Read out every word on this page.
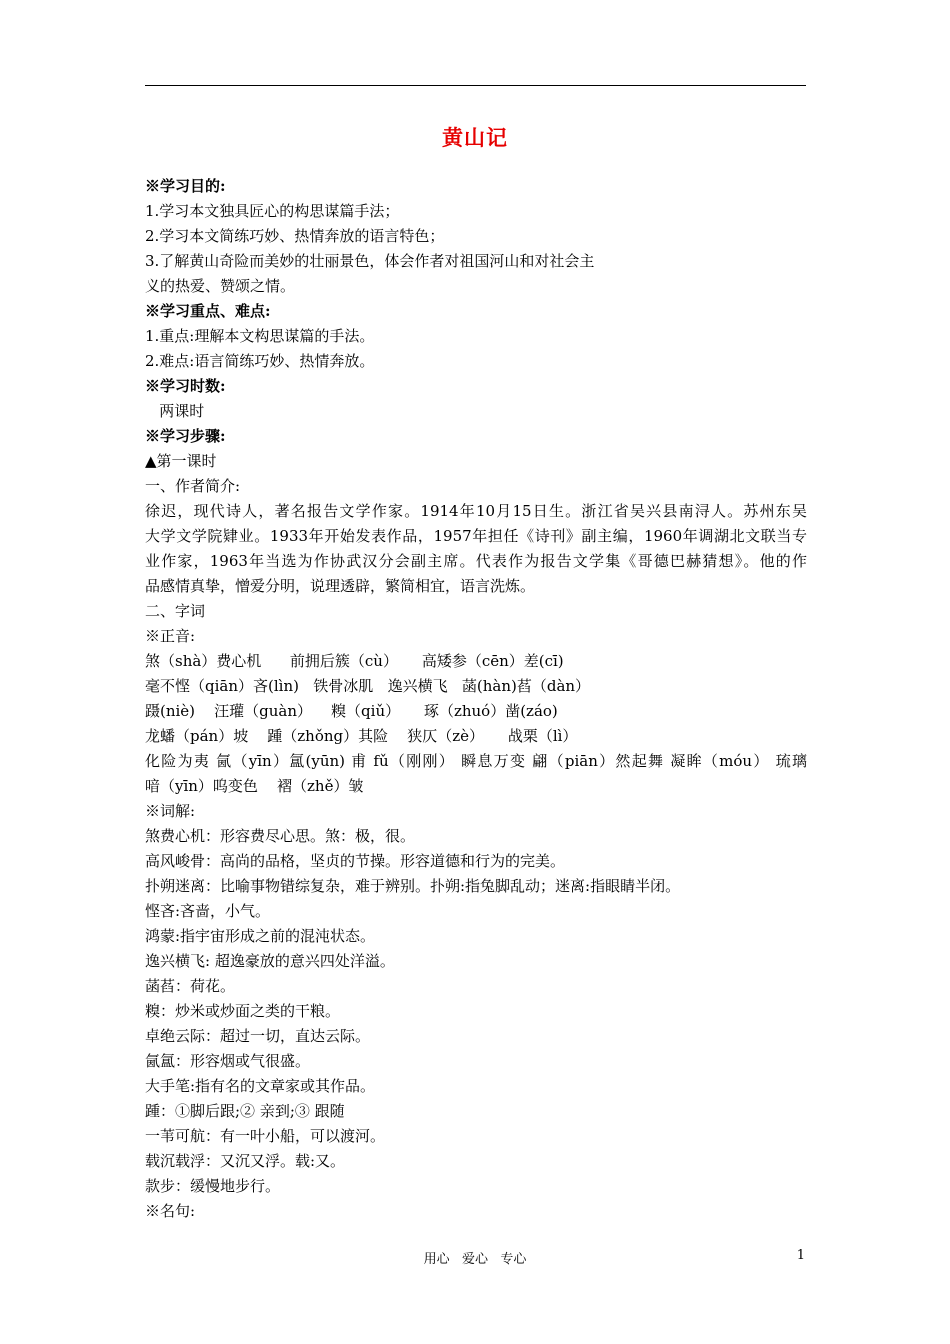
黄山记
※学习目的:
1.学习本文独具匠心的构思谋篇手法；
2.学习本文简练巧妙、热情奔放的语言特色；
3.了解黄山奇险而美妙的壮丽景色，体会作者对祖国河山和对社会主
义的热爱、赞颂之情。
※学习重点、难点:
1.重点:理解本文构思谋篇的手法。
2.难点:语言简练巧妙、热情奔放。
※学习时数:
两课时
※学习步骤:
▲第一课时
一、作者简介:
徐迟，现代诗人，著名报告文学作家。1914年10月15日生。浙江省吴兴县南浔人。苏州东吴
大学文学院肄业。1933年开始发表作品，1957年担任《诗刊》副主编，1960年调湖北文联当专
业作家，1963年当选为作协武汉分会副主席。代表作为报告文学集《哥德巴赫猜想》。他的作
品感情真挚，憎爱分明，说理透辟，繁简相宜，语言洗炼。
二、字词
※正音:
煞（shà）费心机      前拥后簇（cù）     高矮参（cēn）差(cī)
毫不悭（qiān）吝(lìn)   铁骨冰肌   逸兴横飞   菡(hàn)萏（dàn）
蹑(niè)    汪瓘（guàn）    糗（qiǔ）     琢（zhuó）凿(záo)
龙蟠（pán）坡    踵（zhǒng）其险    狭仄（zè）     战栗（lì）
化险为夷 氤（yīn）氲(yūn) 甫 fǔ（刚刚） 瞬息万变 翩（piān）然起舞 凝眸（móu） 琉璃
喑（yīn）呜变色    褶（zhě）皱
※词解:
煞费心机：形容费尽心思。煞：极，很。
高风峻骨：高尚的品格，坚贞的节操。形容道德和行为的完美。
扑朔迷离：比喻事物错综复杂，难于辨别。扑朔:指兔脚乱动；迷离:指眼睛半闭。
悭吝:吝啬，小气。
鸿蒙:指宇宙形成之前的混沌状态。
逸兴横飞: 超逸豪放的意兴四处洋溢。
菡萏：荷花。
糗：炒米或炒面之类的干粮。
卓绝云际：超过一切，直达云际。
氤氲：形容烟或气很盛。
大手笔:指有名的文章家或其作品。
踵：①脚后跟;② 亲到;③ 跟随
一苇可航：有一叶小船，可以渡河。
载沉载浮：又沉又浮。载:又。
款步：缓慢地步行。
※名句:
用心   爱心   专心	1
